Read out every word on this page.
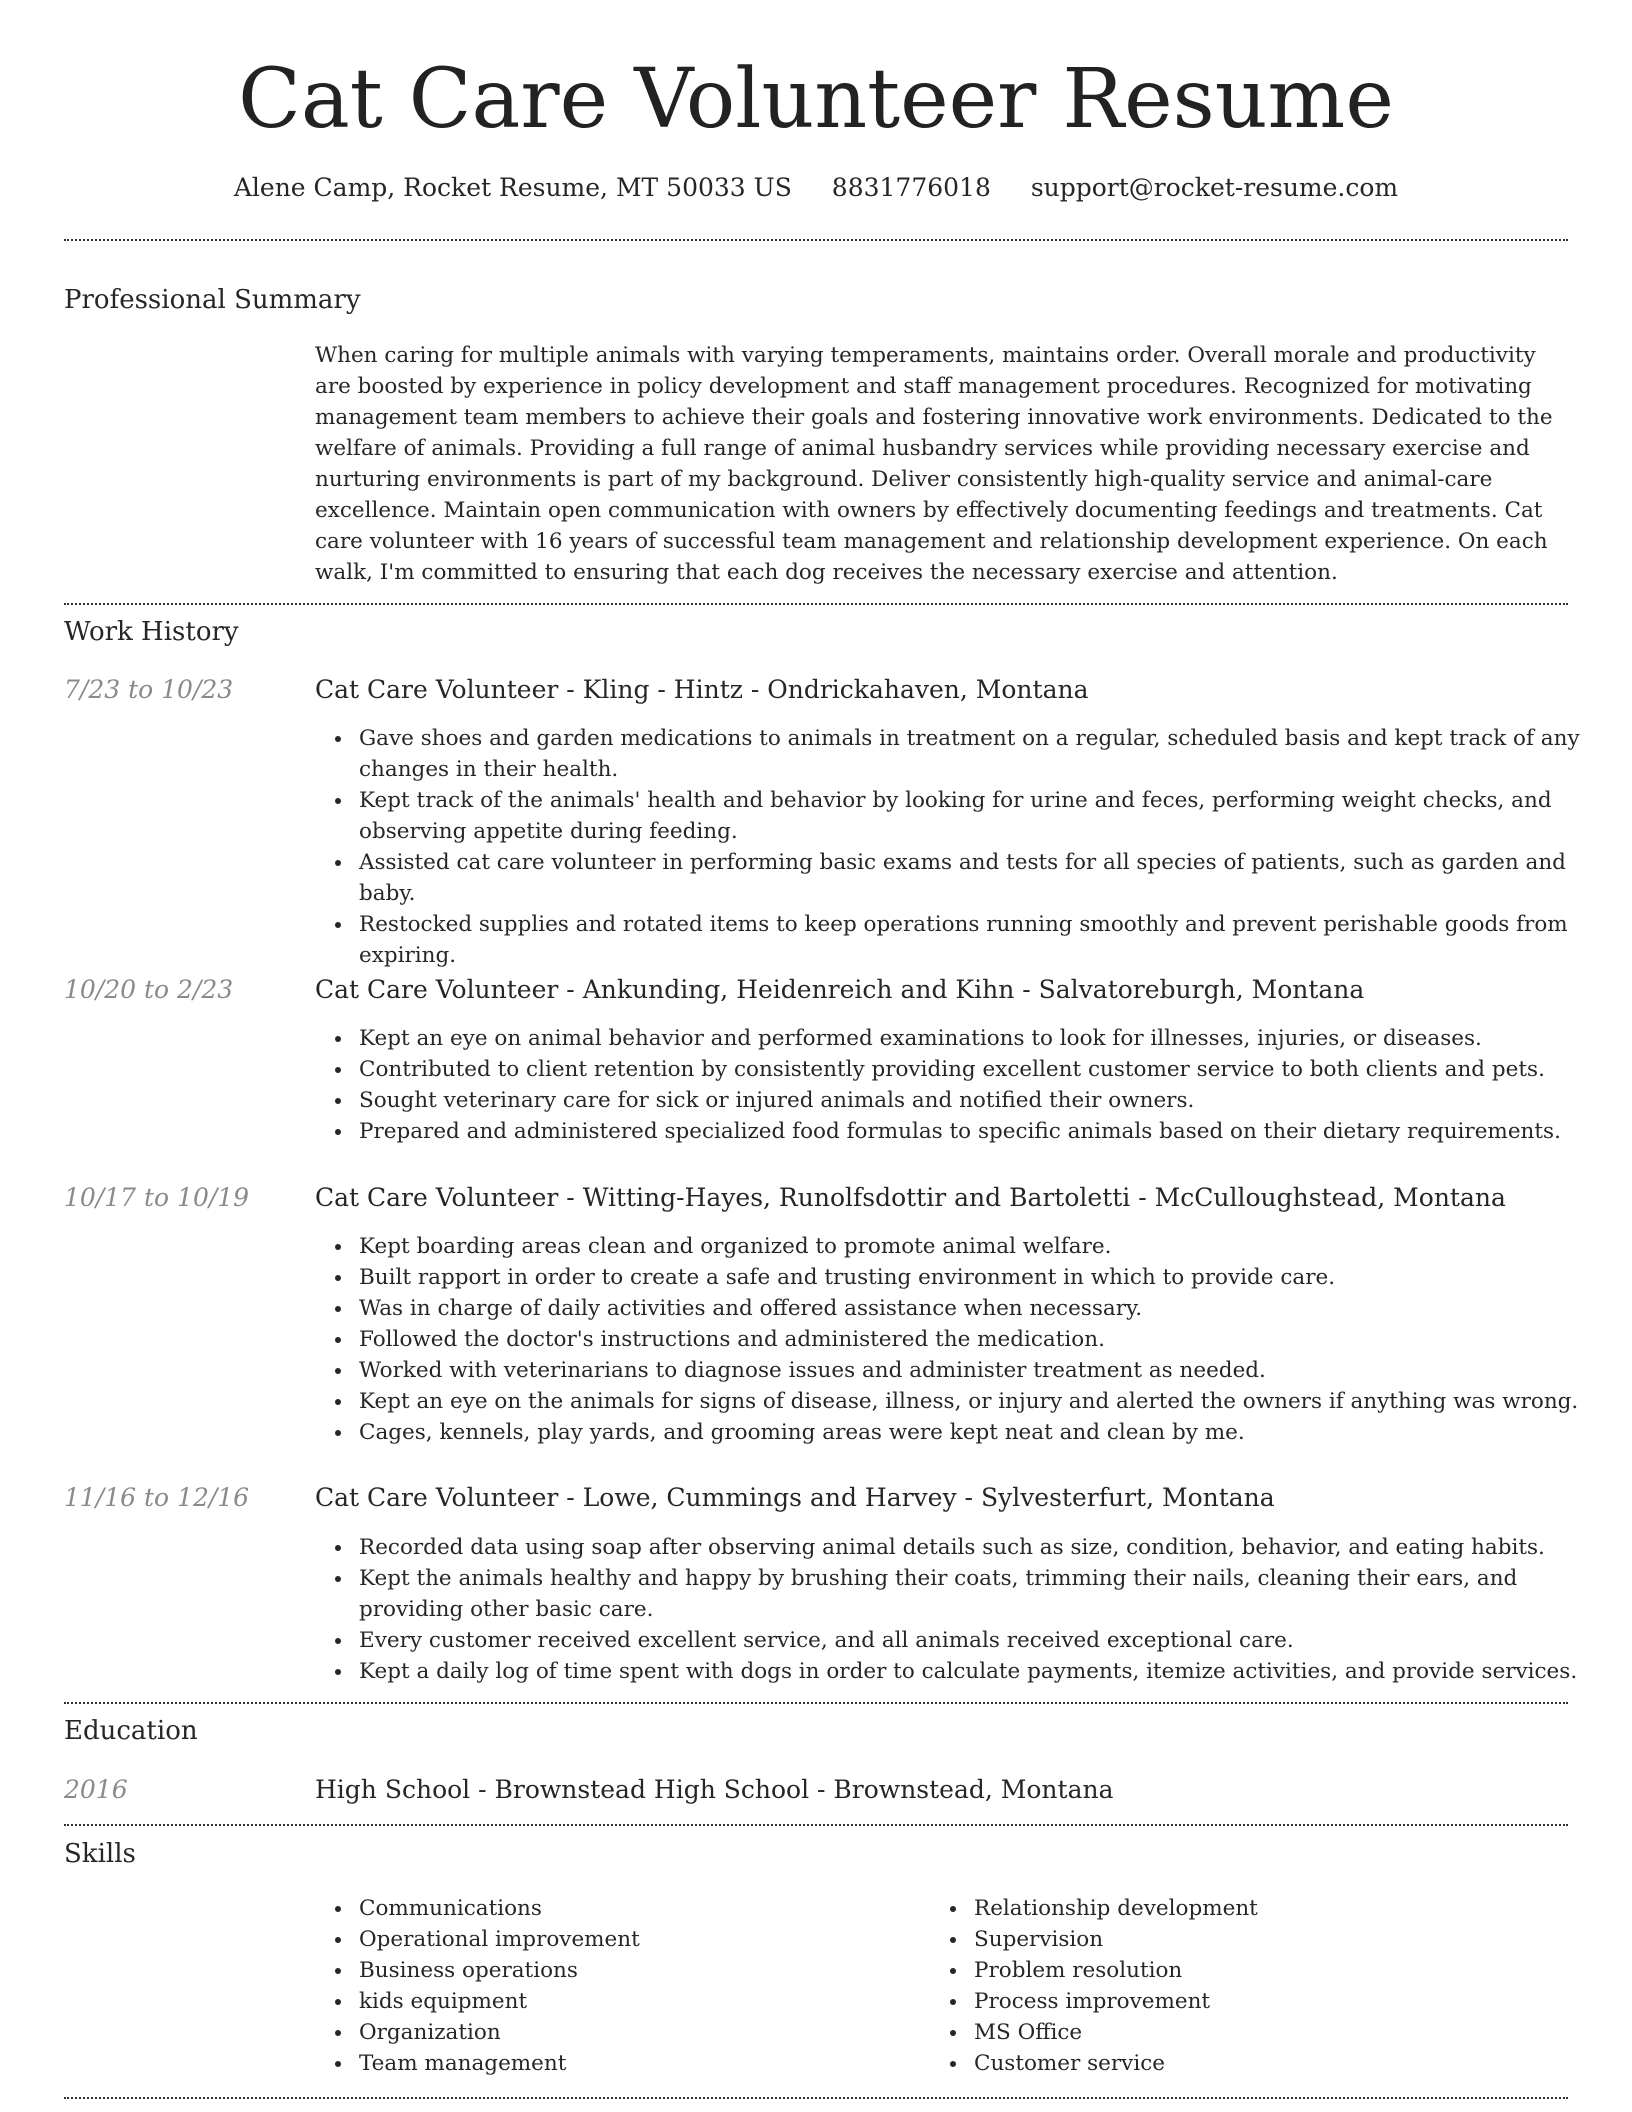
Cat Care Volunteer Resume
Alene Camp, Rocket Resume, MT 50033 US 8831776018 support@rocket-resume.com
Professional Summary

When caring for multiple animals with varying temperaments, maintains order. Overall morale and productivity are boosted by experience in policy development and staff management procedures. Recognized for motivating management team members to achieve their goals and fostering innovative work environments. Dedicated to the welfare of animals. Providing a full range of animal husbandry services while providing necessary exercise and nurturing environments is part of my background. Deliver consistently high-quality service and animal-care excellence. Maintain open communication with owners by effectively documenting feedings and treatments. Cat care volunteer with 16 years of successful team management and relationship development experience. On each walk, I'm committed to ensuring that each dog receives the necessary exercise and attention.

Work History
7/23 to 10/23	Cat Care Volunteer - Kling - Hintz - Ondrickahaven, Montana
Gave shoes and garden medications to animals in treatment on a regular, scheduled basis and kept track of any changes in their health.
Kept track of the animals' health and behavior by looking for urine and feces, performing weight checks, and observing appetite during feeding.
Assisted cat care volunteer in performing basic exams and tests for all species of patients, such as garden and baby.
Restocked supplies and rotated items to keep operations running smoothly and prevent perishable goods from expiring.
10/20 to 2/23	Cat Care Volunteer - Ankunding, Heidenreich and Kihn - Salvatoreburgh, Montana
Kept an eye on animal behavior and performed examinations to look for illnesses, injuries, or diseases.
Contributed to client retention by consistently providing excellent customer service to both clients and pets.
Sought veterinary care for sick or injured animals and notified their owners.
Prepared and administered specialized food formulas to specific animals based on their dietary requirements.
10/17 to 10/19	Cat Care Volunteer - Witting-Hayes, Runolfsdottir and Bartoletti - McCulloughstead, Montana
Kept boarding areas clean and organized to promote animal welfare.
Built rapport in order to create a safe and trusting environment in which to provide care.
Was in charge of daily activities and offered assistance when necessary.
Followed the doctor's instructions and administered the medication.
Worked with veterinarians to diagnose issues and administer treatment as needed.
Kept an eye on the animals for signs of disease, illness, or injury and alerted the owners if anything was wrong.
Cages, kennels, play yards, and grooming areas were kept neat and clean by me.
11/16 to 12/16	Cat Care Volunteer - Lowe, Cummings and Harvey - Sylvesterfurt, Montana
Recorded data using soap after observing animal details such as size, condition, behavior, and eating habits.
Kept the animals healthy and happy by brushing their coats, trimming their nails, cleaning their ears, and providing other basic care.
Every customer received excellent service, and all animals received exceptional care.
Kept a daily log of time spent with dogs in order to calculate payments, itemize activities, and provide services.
Education
2016	High School - Brownstead High School - Brownstead, Montana
Skills
Communications
Operational improvement
Business operations
kids equipment
Organization
Team management
Relationship development
Supervision
Problem resolution
Process improvement
MS Office
Customer service
